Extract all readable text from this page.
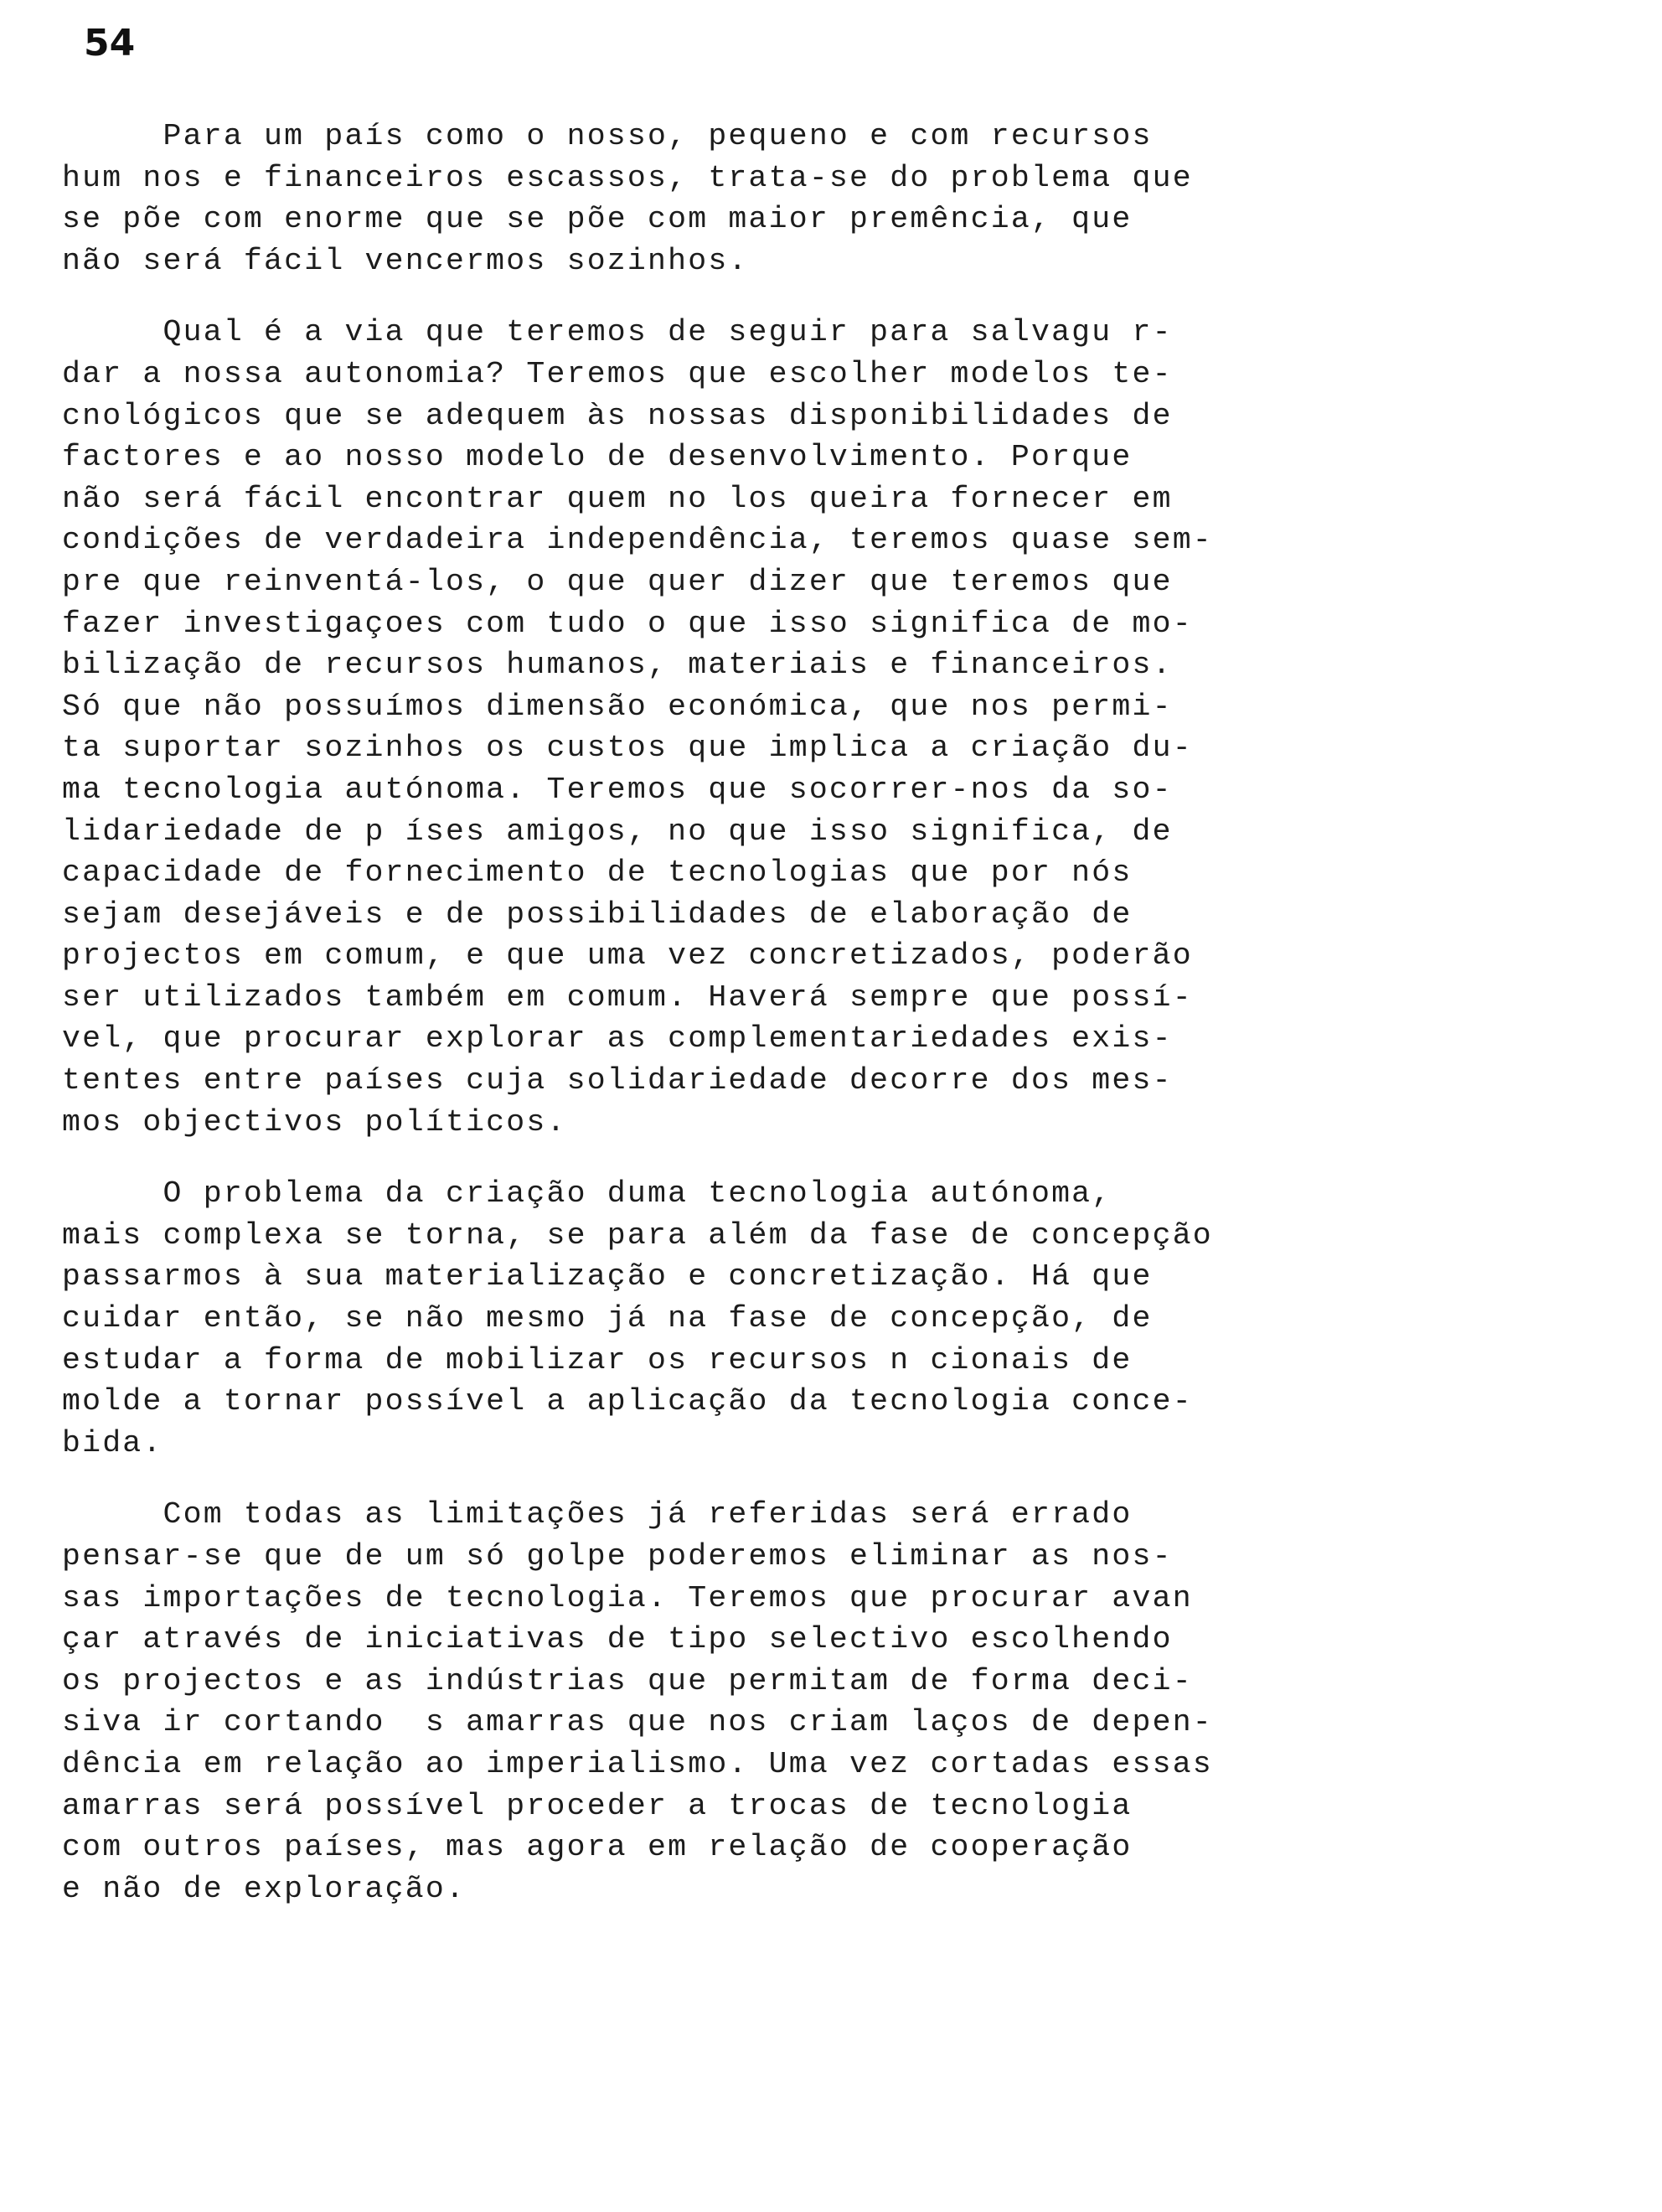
54
Para um país como o nosso, pequeno e com recursos
hum nos e financeiros escassos, trata-se do problema que
se põe com enorme que se põe com maior premência, que
não será fácil vencermos sozinhos.
Qual é a via que teremos de seguir para salvagu r-
dar a nossa autonomia? Teremos que escolher modelos te-
cnológicos que se adequem às nossas disponibilidades de
factores e ao nosso modelo de desenvolvimento. Porque
não será fácil encontrar quem no los queira fornecer em
condições de verdadeira independência, teremos quase sem-
pre que reinventá-los, o que quer dizer que teremos que
fazer investigaçoes com tudo o que isso significa de mo-
bilização de recursos humanos, materiais e financeiros.
Só que não possuímos dimensão económica, que nos permi-
ta suportar sozinhos os custos que implica a criação du-
ma tecnologia autónoma. Teremos que socorrer-nos da so-
lidariedade de p íses amigos, no que isso significa, de
capacidade de fornecimento de tecnologias que por nós
sejam desejáveis e de possibilidades de elaboração de
projectos em comum, e que uma vez concretizados, poderão
ser utilizados também em comum. Haverá sempre que possí-
vel, que procurar explorar as complementariedades exis-
tentes entre países cuja solidariedade decorre dos mes-
mos objectivos políticos.
O problema da criação duma tecnologia autónoma,
mais complexa se torna, se para além da fase de concepção
passarmos à sua materialização e concretização. Há que
cuidar então, se não mesmo já na fase de concepção, de
estudar a forma de mobilizar os recursos n cionais de
molde a tornar possível a aplicação da tecnologia conce-
bida.
Com todas as limitações já referidas será errado
pensar-se que de um só golpe poderemos eliminar as nos-
sas importações de tecnologia. Teremos que procurar avan
çar através de iniciativas de tipo selectivo escolhendo
os projectos e as indústrias que permitam de forma deci-
siva ir cortando  s amarras que nos criam laços de depen-
dência em relação ao imperialismo. Uma vez cortadas essas
amarras será possível proceder a trocas de tecnologia
com outros países, mas agora em relação de cooperação
e não de exploração.
